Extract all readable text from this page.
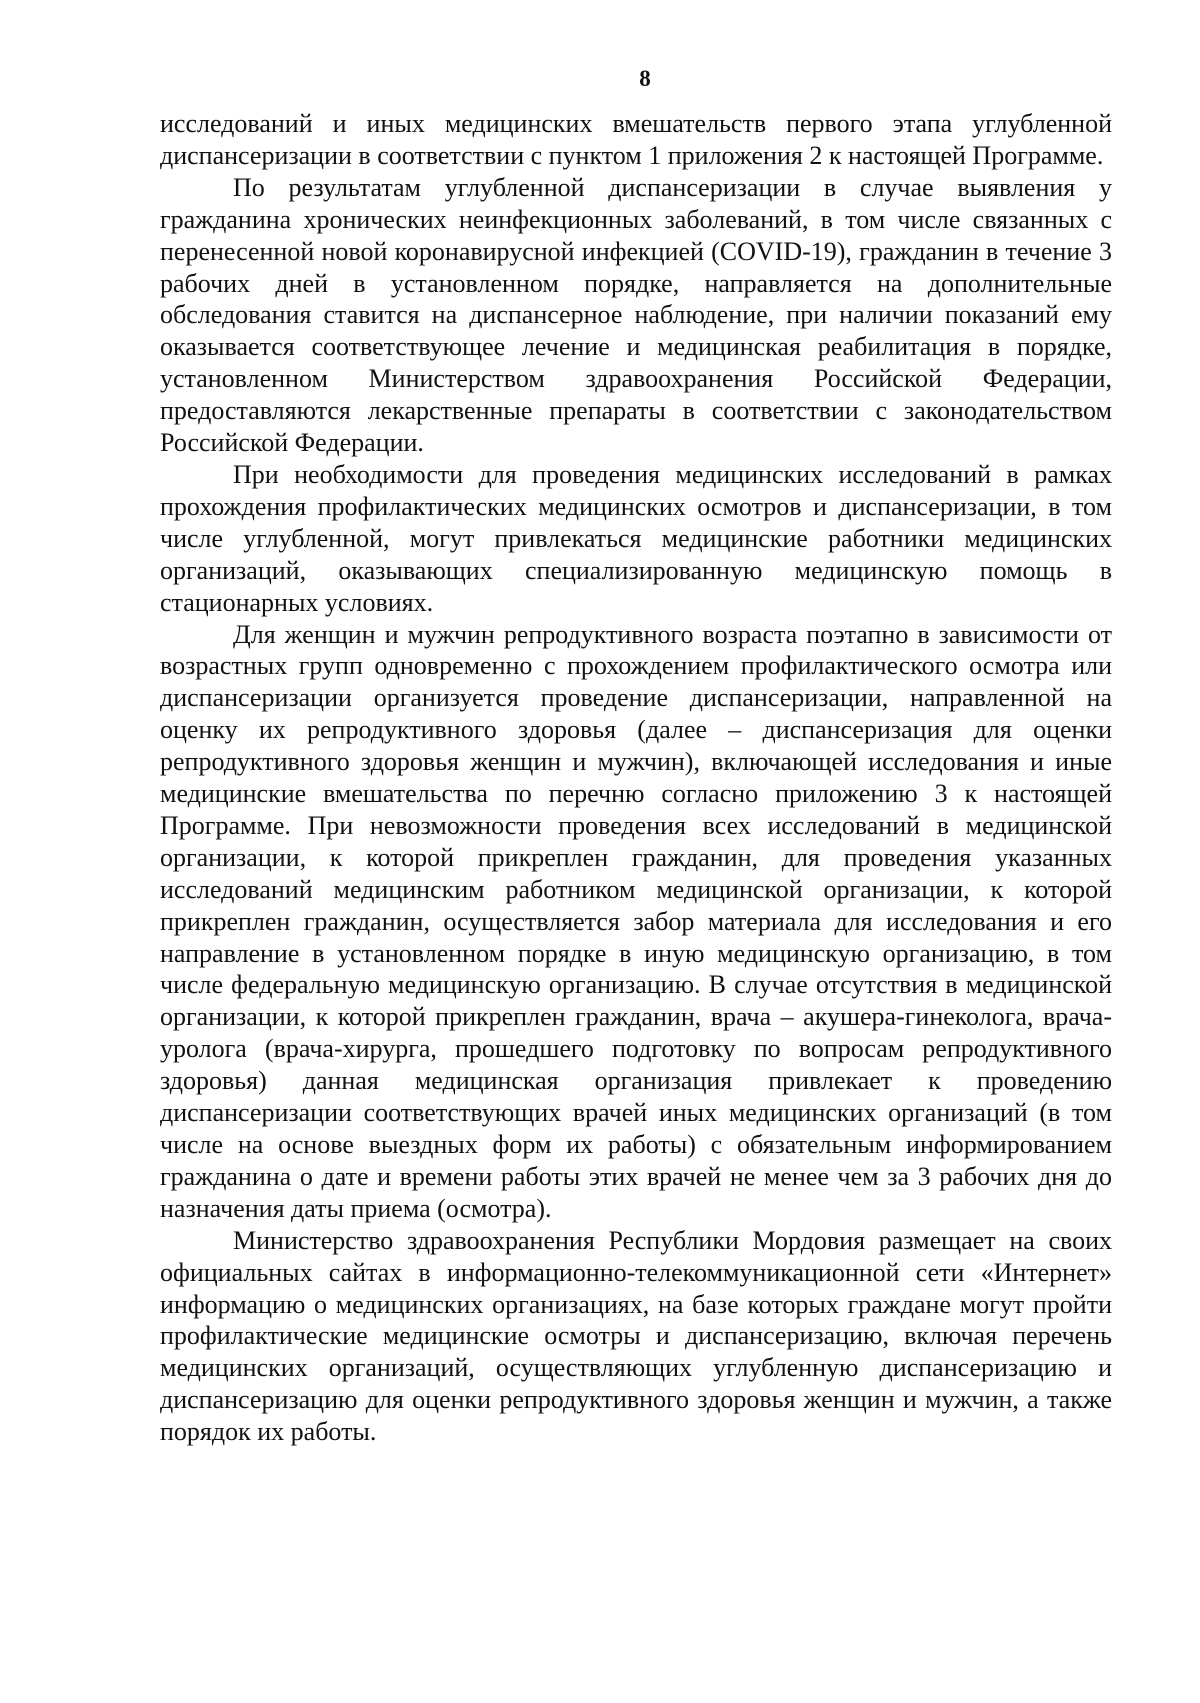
8

исследований и иных медицинских вмешательств первого этапа углубленной диспансеризации в соответствии с пунктом 1 приложения 2 к настоящей Программе.

По результатам углубленной диспансеризации в случае выявления у гражданина хронических неинфекционных заболеваний, в том числе связанных с перенесенной новой коронавирусной инфекцией (COVID-19), гражданин в течение 3 рабочих дней в установленном порядке, направляется на дополнительные обследования ставится на диспансерное наблюдение, при наличии показаний ему оказывается соответствующее лечение и медицинская реабилитация в порядке, установленном Министерством здравоохранения Российской Федерации, предоставляются лекарственные препараты в соответствии с законодательством Российской Федерации.

При необходимости для проведения медицинских исследований в рамках прохождения профилактических медицинских осмотров и диспансеризации, в том числе углубленной, могут привлекаться медицинские работники медицинских организаций, оказывающих специализированную медицинскую помощь в стационарных условиях.

Для женщин и мужчин репродуктивного возраста поэтапно в зависимости от возрастных групп одновременно с прохождением профилактического осмотра или диспансеризации организуется проведение диспансеризации, направленной на оценку их репродуктивного здоровья (далее – диспансеризация для оценки репродуктивного здоровья женщин и мужчин), включающей исследования и иные медицинские вмешательства по перечню согласно приложению 3 к настоящей Программе. При невозможности проведения всех исследований в медицинской организации, к которой прикреплен гражданин, для проведения указанных исследований медицинским работником медицинской организации, к которой прикреплен гражданин, осуществляется забор материала для исследования и его направление в установленном порядке в иную медицинскую организацию, в том числе федеральную медицинскую организацию. В случае отсутствия в медицинской организации, к которой прикреплен гражданин, врача – акушера-гинеколога, врача-уролога (врача-хирурга, прошедшего подготовку по вопросам репродуктивного здоровья) данная медицинская организация привлекает к проведению диспансеризации соответствующих врачей иных медицинских организаций (в том числе на основе выездных форм их работы) с обязательным информированием гражданина о дате и времени работы этих врачей не менее чем за 3 рабочих дня до назначения даты приема (осмотра).

Министерство здравоохранения Республики Мордовия размещает на своих официальных сайтах в информационно-телекоммуникационной сети «Интернет» информацию о медицинских организациях, на базе которых граждане могут пройти профилактические медицинские осмотры и диспансеризацию, включая перечень медицинских организаций, осуществляющих углубленную диспансеризацию и диспансеризацию для оценки репродуктивного здоровья женщин и мужчин, а также порядок их работы.
